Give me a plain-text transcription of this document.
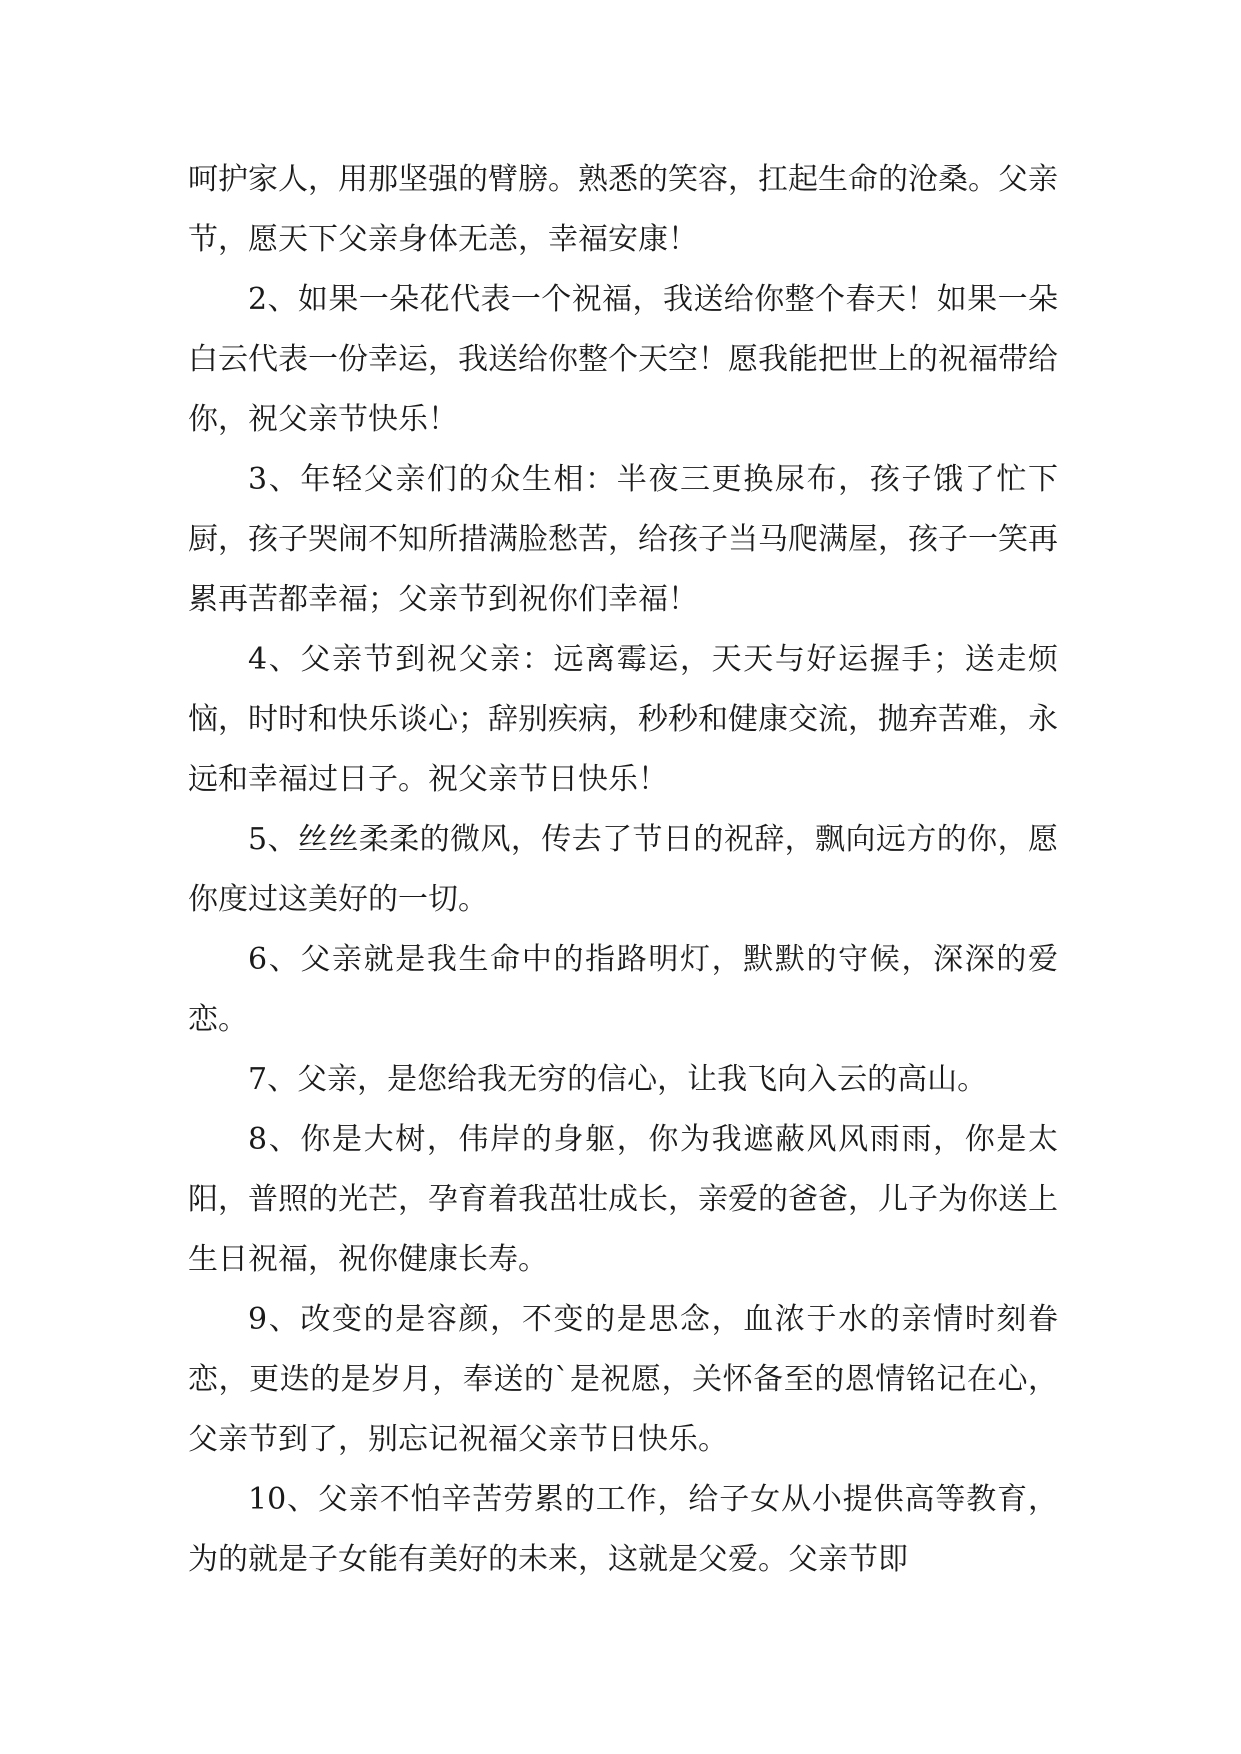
呵护家人，用那坚强的臂膀。熟悉的笑容，扛起生命的沧桑。父亲节，愿天下父亲身体无恙，幸福安康！

2、如果一朵花代表一个祝福，我送给你整个春天！如果一朵白云代表一份幸运，我送给你整个天空！愿我能把世上的祝福带给你，祝父亲节快乐！

3、年轻父亲们的众生相：半夜三更换尿布，孩子饿了忙下厨，孩子哭闹不知所措满脸愁苦，给孩子当马爬满屋，孩子一笑再累再苦都幸福；父亲节到祝你们幸福！

4、父亲节到祝父亲：远离霉运，天天与好运握手；送走烦恼，时时和快乐谈心；辞别疾病，秒秒和健康交流，抛弃苦难，永远和幸福过日子。祝父亲节日快乐！

5、丝丝柔柔的微风，传去了节日的祝辞，飘向远方的你，愿你度过这美好的一切。

6、父亲就是我生命中的指路明灯，默默的守候，深深的爱恋。

7、父亲，是您给我无穷的信心，让我飞向入云的高山。

8、你是大树，伟岸的身躯，你为我遮蔽风风雨雨，你是太阳，普照的光芒，孕育着我茁壮成长，亲爱的爸爸，儿子为你送上生日祝福，祝你健康长寿。

9、改变的是容颜，不变的是思念，血浓于水的亲情时刻眷恋，更迭的是岁月，奉送的`是祝愿，关怀备至的恩情铭记在心，父亲节到了，别忘记祝福父亲节日快乐。

10、父亲不怕辛苦劳累的工作，给子女从小提供高等教育，为的就是子女能有美好的未来，这就是父爱。父亲节即
